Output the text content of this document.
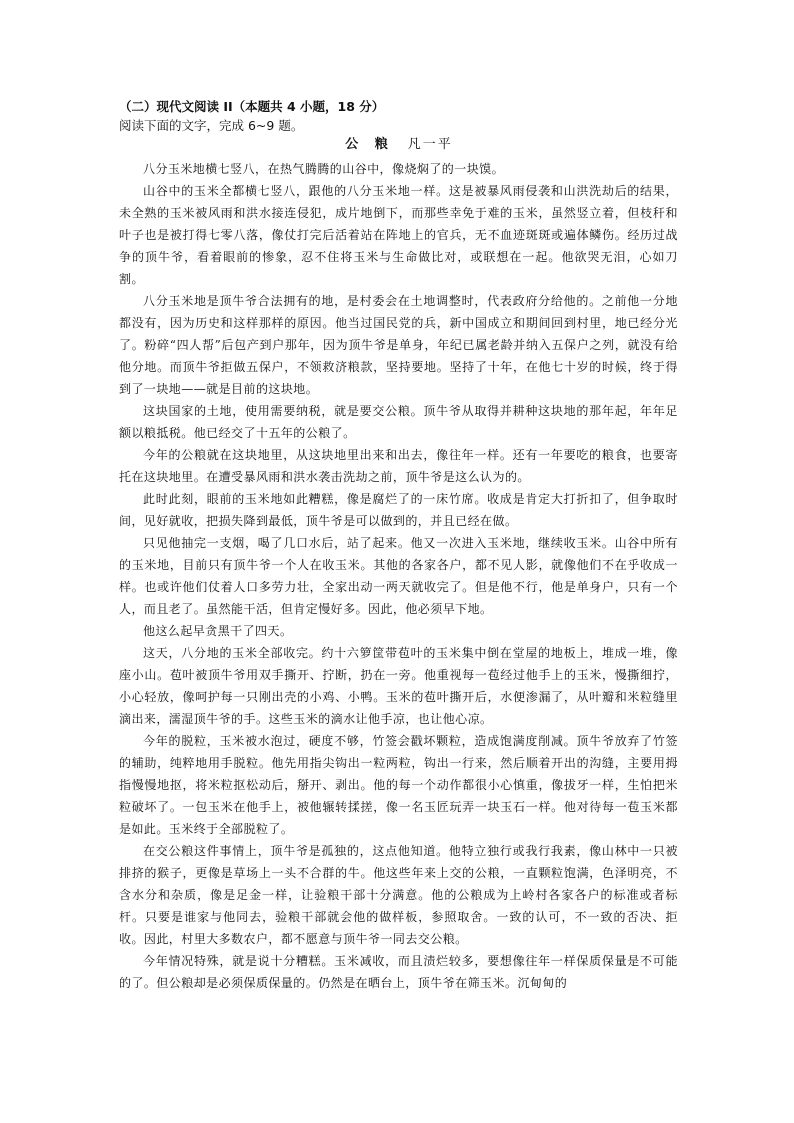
（二）现代文阅读 II（本题共 4 小题，18 分）
阅读下面的文字，完成 6~9 题。
公 粮 凡一平

八分玉米地横七竖八，在热气腾腾的山谷中，像烧焖了的一块馍。

山谷中的玉米全都横七竖八，跟他的八分玉米地一样。这是被暴风雨侵袭和山洪洗劫后的结果，未全熟的玉米被风雨和洪水接连侵犯，成片地倒下，而那些幸免于难的玉米，虽然竖立着，但枝秆和叶子也是被打得七零八落，像仗打完后活着站在阵地上的官兵，无不血迹斑斑或遍体鳞伤。经历过战争的顶牛爷，看着眼前的惨象，忍不住将玉米与生命做比对，或联想在一起。他欲哭无泪，心如刀割。

八分玉米地是顶牛爷合法拥有的地，是村委会在土地调整时，代表政府分给他的。之前他一分地都没有，因为历史和这样那样的原因。他当过国民党的兵，新中国成立和期间回到村里，地已经分光了。粉碎“四人帮”后包产到户那年，因为顶牛爷是单身，年纪已属老龄并纳入五保户之列，就没有给他分地。而顶牛爷拒做五保户，不领救济粮款，坚持要地。坚持了十年，在他七十岁的时候，终于得到了一块地——就是目前的这块地。

这块国家的土地，使用需要纳税，就是要交公粮。顶牛爷从取得并耕种这块地的那年起，年年足额以粮抵税。他已经交了十五年的公粮了。

今年的公粮就在这块地里，从这块地里出来和出去，像往年一样。还有一年要吃的粮食，也要寄托在这块地里。在遭受暴风雨和洪水袭击洗劫之前，顶牛爷是这么认为的。

此时此刻，眼前的玉米地如此糟糕，像是腐烂了的一床竹席。收成是肯定大打折扣了，但争取时间，见好就收，把损失降到最低，顶牛爷是可以做到的，并且已经在做。

只见他抽完一支烟，喝了几口水后，站了起来。他又一次进入玉米地，继续收玉米。山谷中所有的玉米地，目前只有顶牛爷一个人在收玉米。其他的各家各户，都不见人影，就像他们不在乎收成一样。也或许他们仗着人口多劳力壮，全家出动一两天就收完了。但是他不行，他是单身户，只有一个人，而且老了。虽然能干活，但肯定慢好多。因此，他必须早下地。

他这么起早贪黑干了四天。

这天，八分地的玉米全部收完。约十六箩筐带苞叶的玉米集中倒在堂屋的地板上，堆成一堆，像座小山。苞叶被顶牛爷用双手撕开、拧断，扔在一旁。他重视每一苞经过他手上的玉米，慢撕细拧，小心轻放，像呵护每一只刚出壳的小鸡、小鸭。玉米的苞叶撕开后，水便渗漏了，从叶瓣和米粒缝里滴出来，濡湿顶牛爷的手。这些玉米的滴水让他手凉，也让他心凉。

今年的脱粒，玉米被水泡过，硬度不够，竹签会戳坏颗粒，造成饱满度削减。顶牛爷放弃了竹签的辅助，纯粹地用手脱粒。他先用指尖钩出一粒两粒，钩出一行来，然后顺着开出的沟缝，主要用拇指慢慢地抠，将米粒抠松动后，掰开、剥出。他的每一个动作都很小心慎重，像拔牙一样，生怕把米粒破坏了。一包玉米在他手上，被他辗转揉搓，像一名玉匠玩弄一块玉石一样。他对待每一苞玉米都是如此。玉米终于全部脱粒了。

在交公粮这件事情上，顶牛爷是孤独的，这点他知道。他特立独行或我行我素，像山林中一只被排挤的猴子，更像是草场上一头不合群的牛。他这些年来上交的公粮，一直颗粒饱满，色泽明亮，不含水分和杂质，像是足金一样，让验粮干部十分满意。他的公粮成为上岭村各家各户的标准或者标杆。只要是谁家与他同去，验粮干部就会他的做样板，参照取舍。一致的认可，不一致的否决、拒收。因此，村里大多数农户，都不愿意与顶牛爷一同去交公粮。

今年情况特殊，就是说十分糟糕。玉米减收，而且渍烂较多，要想像往年一样保质保量是不可能的了。但公粮却是必须保质保量的。仍然是在晒台上，顶牛爷在筛玉米。沉甸甸的
